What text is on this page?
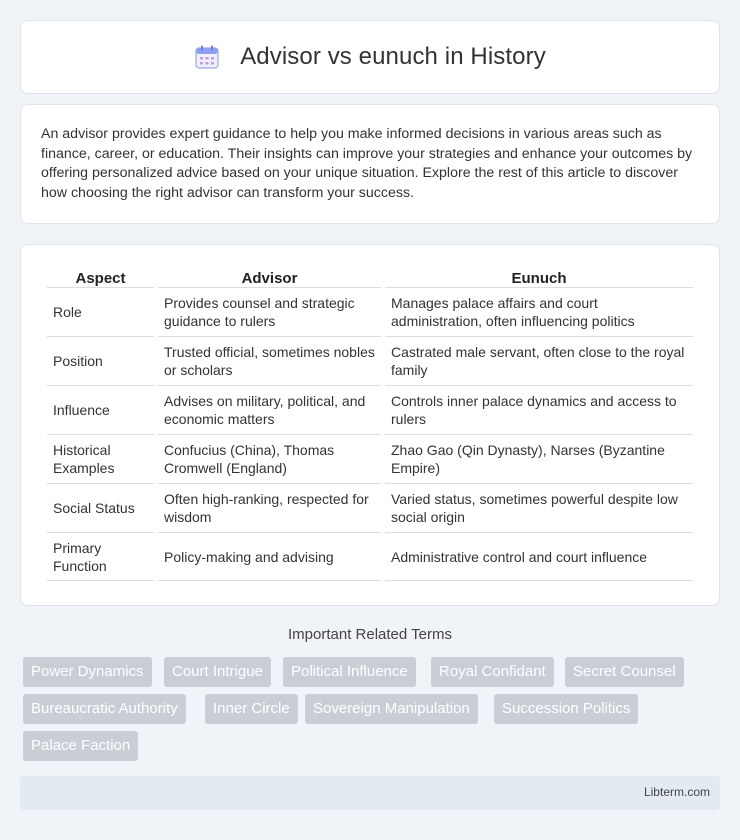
Advisor vs eunuch in History

An advisor provides expert guidance to help you make informed decisions in various areas such as finance, career, or education. Their insights can improve your strategies and enhance your outcomes by offering personalized advice based on your unique situation. Explore the rest of this article to discover how choosing the right advisor can transform your success.

Aspect	Advisor	Eunuch
Role	Provides counsel and strategic guidance to rulers	Manages palace affairs and court administration, often influencing politics
Position	Trusted official, sometimes nobles or scholars	Castrated male servant, often close to the royal family
Influence	Advises on military, political, and economic matters	Controls inner palace dynamics and access to rulers
Historical Examples	Confucius (China), Thomas Cromwell (England)	Zhao Gao (Qin Dynasty), Narses (Byzantine Empire)
Social Status	Often high-ranking, respected for wisdom	Varied status, sometimes powerful despite low social origin
Primary Function	Policy-making and advising	Administrative control and court influence
Important Related Terms
Power Dynamics	Court Intrigue	Political Influence	Royal Confidant	Secret Counsel
Bureaucratic Authority	Inner Circle	Sovereign Manipulation	Succession Politics
Palace Faction
Libterm.com
